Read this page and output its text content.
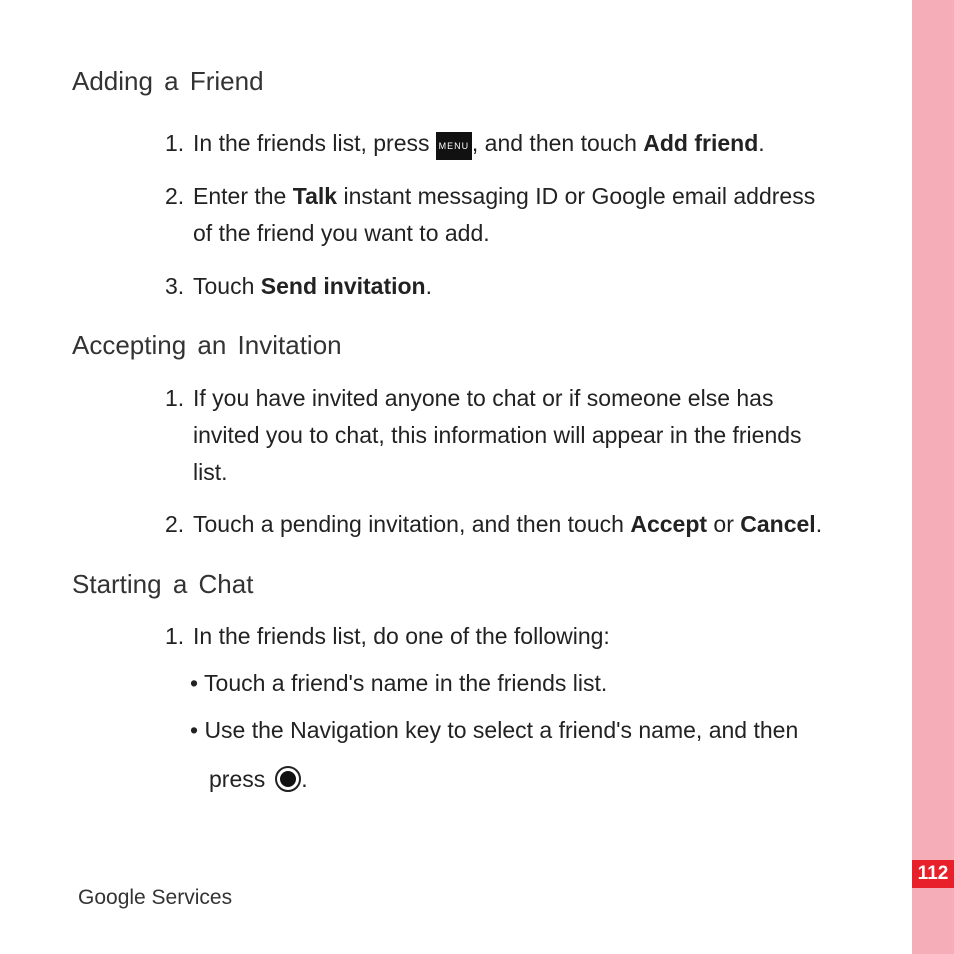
112
Adding a Friend
1. In the friends list, press MENU , and then touch Add friend.
2. Enter the Talk instant messaging ID or Google email address
of the friend you want to add.
3. Touch Send invitation.
Accepting an Invitation
1. If you have invited anyone to chat or if someone else has
invited you to chat, this information will appear in the friends
list.
2. Touch a pending invitation, and then touch Accept or Cancel.
Starting a Chat
1. In the friends list, do one of the following:
• Touch a friend's name in the friends list.
• Use the Navigation key to select a friend's name, and then
press .
Google Services
